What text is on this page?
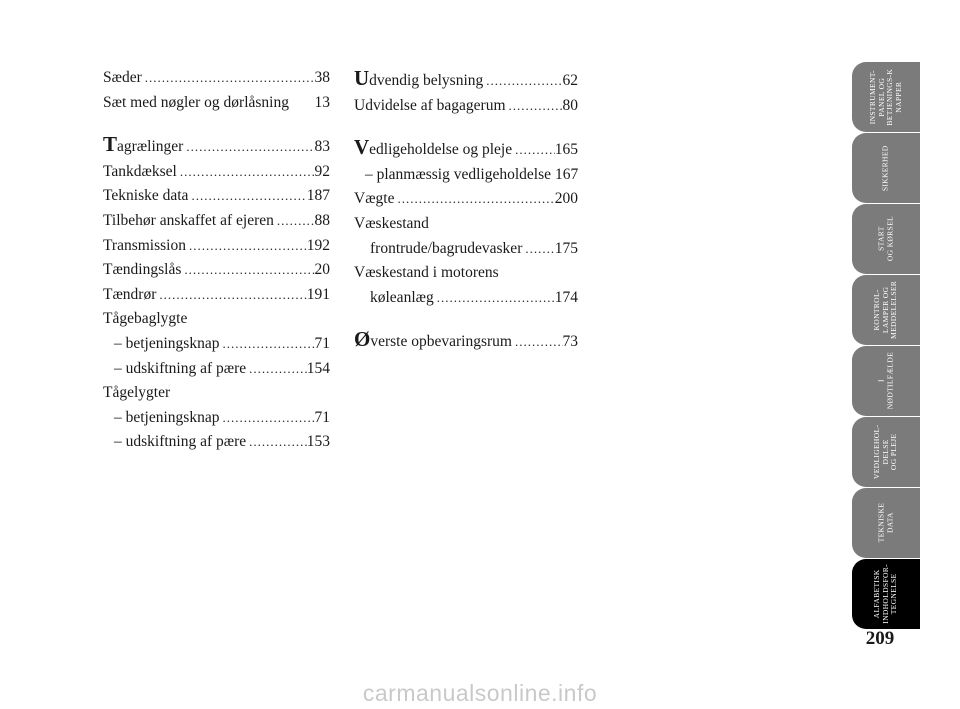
Sæder .....	38
Sæt med nøgler og dørlåsning 13
Tagrælinger .....	83
Tankdæksel .....	92
Tekniske data .....	187
Tilbehør anskaffet af ejeren .....	88
Transmission .....	192
Tændingslås .....	20
Tændrør .....	191
Tågebaglygte
– betjeningsknap .....	71
– udskiftning af pære .....	154
Tågelygter
– betjeningsknap .....	71
– udskiftning af pære .....	153
Udvendig belysning .....	62
Udvidelse af bagagerum .....	80
Vedligeholdelse og pleje .....	165
– planmæssig vedligeholdelse 167
Vægte .....	200
Væskestand
frontrude/bagrudevasker ..... 175
Væskestand i motorens
køleanlæg .....	174
Øverste opbevaringsrum .....	73
INSTRUMENT-
PANEL OG
BETJENINGS-K
NAPPER
SIKKERHED
START
OG KØRSEL
KONTROL-
LAMPER OG
MEDDELELSER
I
NØDTILFÆLDE
VEDLIGEHOL-
DELSE
OG PLEJE
TEKNISKE
DATA
ALFABETISK
INDHOLDSFOR-
TEGNELSE
209
carmanualsonline.info
